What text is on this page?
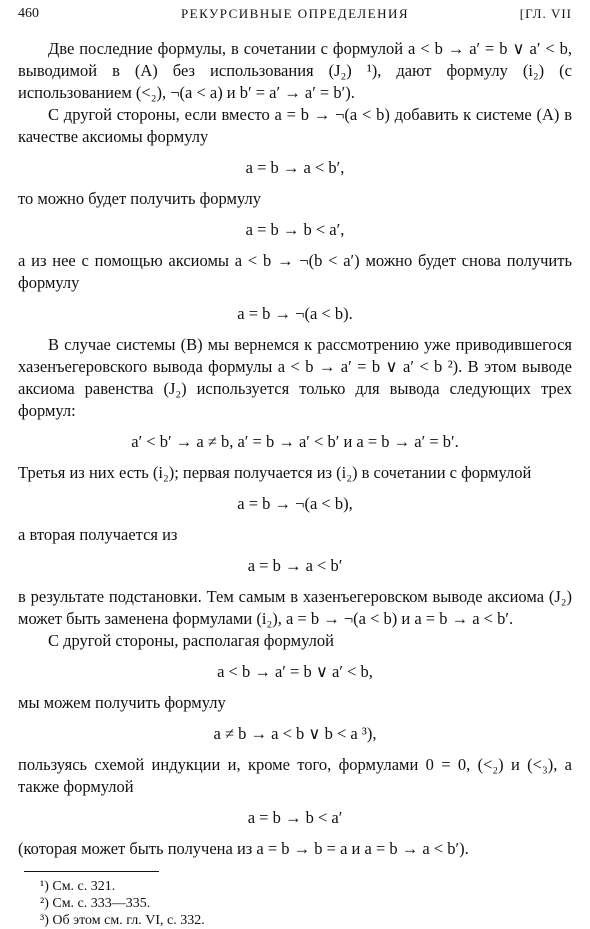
460	РЕКУРСИВНЫЕ ОПРЕДЕЛЕНИЯ	[ГЛ. VII

Две последние формулы, в сочетании с формулой a < b → a′ = b ∨ a′ < b, выводимой в (A) без использования (J₂) ¹), дают формулу (i₂) (с использованием (<₂), ¬(a < a) и b′ = a′ → a′ = b′).

С другой стороны, если вместо a = b → ¬(a < b) добавить к системе (A) в качестве аксиомы формулу

a = b → a < b′,

то можно будет получить формулу

a = b → b < a′,

а из нее с помощью аксиомы a < b → ¬(b < a′) можно будет снова получить формулу

a = b → ¬(a < b).

В случае системы (B) мы вернемся к рассмотрению уже приводившегося хазенъегеровского вывода формулы a < b → a′ = b ∨ a′ < b ²). В этом выводе аксиома равенства (J₂) используется только для вывода следующих трех формул:

a′ < b′ → a ≠ b, a′ = b → a′ < b′ и a = b → a′ = b′.

Третья из них есть (i₂); первая получается из (i₂) в сочетании с формулой

a = b → ¬(a < b),

а вторая получается из

a = b → a < b′

в результате подстановки. Тем самым в хазенъегеровском выводе аксиома (J₂) может быть заменена формулами (i₂), a = b → ¬(a < b) и a = b → a < b′.

С другой стороны, располагая формулой

a < b → a′ = b ∨ a′ < b,

мы можем получить формулу

a ≠ b → a < b ∨ b < a ³),

пользуясь схемой индукции и, кроме того, формулами 0 = 0, (<₂) и (<₃), а также формулой

a = b → b < a′

(которая может быть получена из a = b → b = a и a = b → a < b′).

¹) См. с. 321.
²) См. с. 333—335.
³) Об этом см. гл. VI, с. 332.
